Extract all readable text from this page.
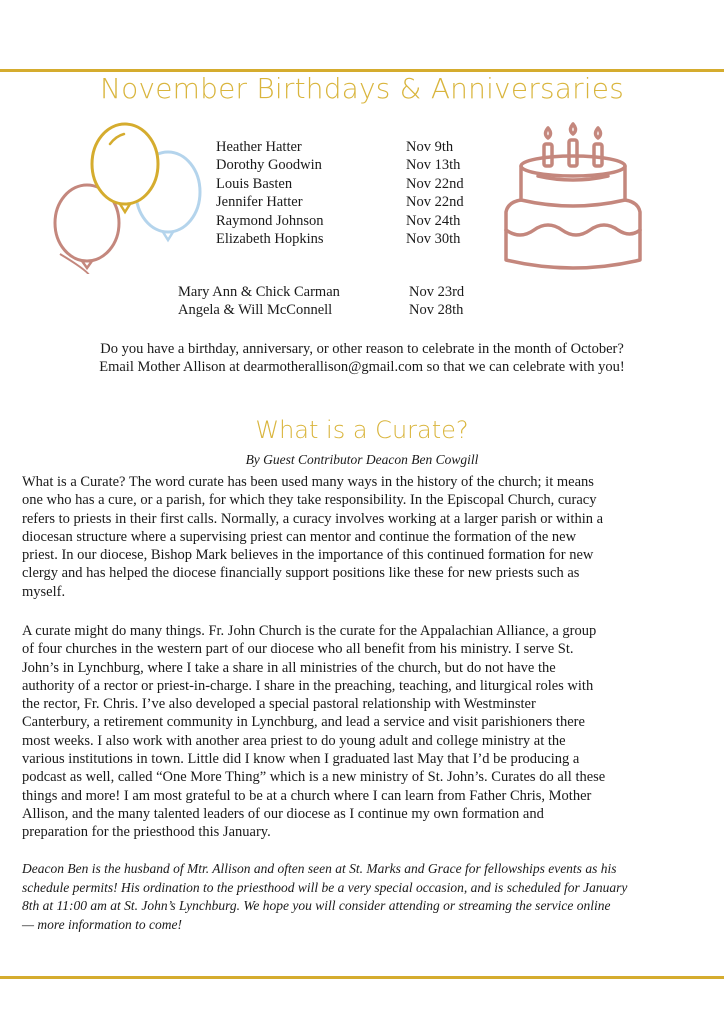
November Birthdays & Anniversaries
Heather Hatter	Nov 9th
Dorothy Goodwin	Nov 13th
Louis Basten	Nov 22nd
Jennifer Hatter	Nov 22nd
Raymond Johnson	Nov 24th
Elizabeth Hopkins	Nov 30th
Mary Ann & Chick Carman	Nov 23rd
Angela & Will McConnell	Nov 28th
Do you have a birthday, anniversary, or other reason to celebrate in the month of October?
Email Mother Allison at dearmotherallison@gmail.com so that we can celebrate with you!
What is a Curate?
By Guest Contributor Deacon Ben Cowgill
What is a Curate? The word curate has been used many ways in the history of the church; it means
one who has a cure, or a parish, for which they take responsibility. In the Episcopal Church, curacy
refers to priests in their first calls. Normally, a curacy involves working at a larger parish or within a
diocesan structure where a supervising priest can mentor and continue the formation of the new
priest. In our diocese, Bishop Mark believes in the importance of this continued formation for new
clergy and has helped the diocese financially support positions like these for new priests such as
myself.
A curate might do many things. Fr. John Church is the curate for the Appalachian Alliance, a group
of four churches in the western part of our diocese who all benefit from his ministry. I serve St.
John’s in Lynchburg, where I take a share in all ministries of the church, but do not have the
authority of a rector or priest-in-charge. I share in the preaching, teaching, and liturgical roles with
the rector, Fr. Chris. I’ve also developed a special pastoral relationship with Westminster
Canterbury, a retirement community in Lynchburg, and lead a service and visit parishioners there
most weeks. I also work with another area priest to do young adult and college ministry at the
various institutions in town. Little did I know when I graduated last May that I’d be producing a
podcast as well, called “One More Thing” which is a new ministry of St. John’s. Curates do all these
things and more! I am most grateful to be at a church where I can learn from Father Chris, Mother
Allison, and the many talented leaders of our diocese as I continue my own formation and
preparation for the priesthood this January.
Deacon Ben is the husband of Mtr. Allison and often seen at St. Marks and Grace for fellowships events as his
schedule permits! His ordination to the priesthood will be a very special occasion, and is scheduled for January
8th at 11:00 am at St. John’s Lynchburg. We hope you will consider attending or streaming the service online
— more information to come!
